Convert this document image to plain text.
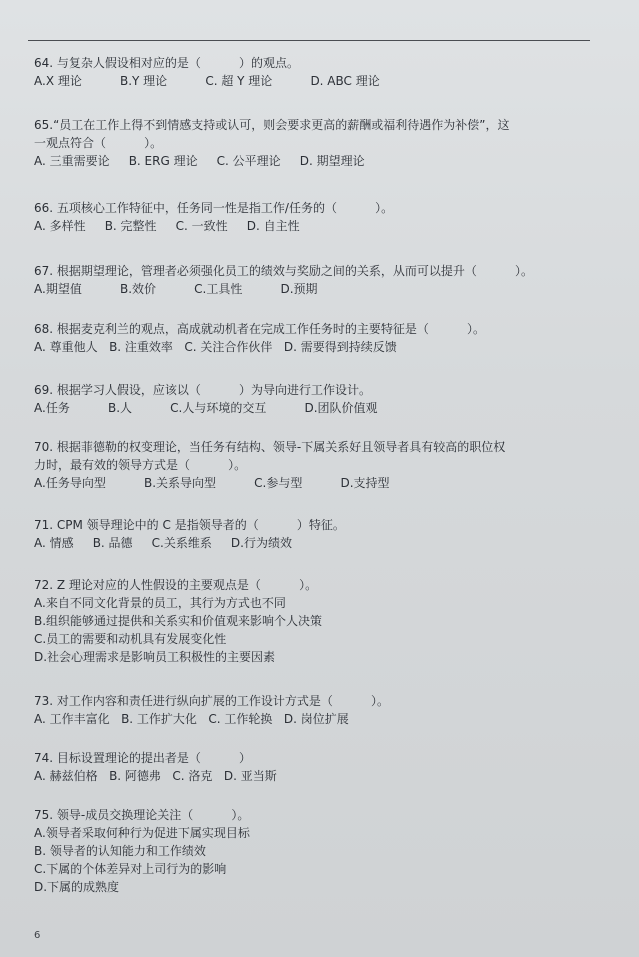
64. 与复杂人假设相对应的是（          ）的观点。
A.X 理论          B.Y 理论          C. 超 Y 理论          D. ABC 理论
65.“员工在工作上得不到情感支持或认可，则会要求更高的薪酬或福利待遇作为补偿”，这
一观点符合（          ）。
A. 三重需要论     B. ERG 理论     C. 公平理论     D. 期望理论
66. 五项核心工作特征中，任务同一性是指工作/任务的（          ）。
A. 多样性     B. 完整性     C. 一致性     D. 自主性
67. 根据期望理论，管理者必须强化员工的绩效与奖励之间的关系，从而可以提升（          ）。
A.期望值          B.效价          C.工具性          D.预期
68. 根据麦克利兰的观点，高成就动机者在完成工作任务时的主要特征是（          ）。
A. 尊重他人   B. 注重效率   C. 关注合作伙伴   D. 需要得到持续反馈
69. 根据学习人假设，应该以（          ）为导向进行工作设计。
A.任务          B.人          C.人与环境的交互          D.团队价值观
70. 根据菲德勒的权变理论，当任务有结构、领导-下属关系好且领导者具有较高的职位权
力时，最有效的领导方式是（          ）。
A.任务导向型          B.关系导向型          C.参与型          D.支持型
71. CPM 领导理论中的 C 是指领导者的（          ）特征。
A. 情感     B. 品德     C.关系维系     D.行为绩效
72. Z 理论对应的人性假设的主要观点是（          ）。
A.来自不同文化背景的员工，其行为方式也不同
B.组织能够通过提供和关系实和价值观来影响个人决策
C.员工的需要和动机具有发展变化性
D.社会心理需求是影响员工积极性的主要因素
73. 对工作内容和责任进行纵向扩展的工作设计方式是（          ）。
A. 工作丰富化   B. 工作扩大化   C. 工作轮换   D. 岗位扩展
74. 目标设置理论的提出者是（          ）
A. 赫兹伯格   B. 阿德弗   C. 洛克   D. 亚当斯
75. 领导-成员交换理论关注（          ）。
A.领导者采取何种行为促进下属实现目标
B. 领导者的认知能力和工作绩效
C.下属的个体差异对上司行为的影响
D.下属的成熟度
6
